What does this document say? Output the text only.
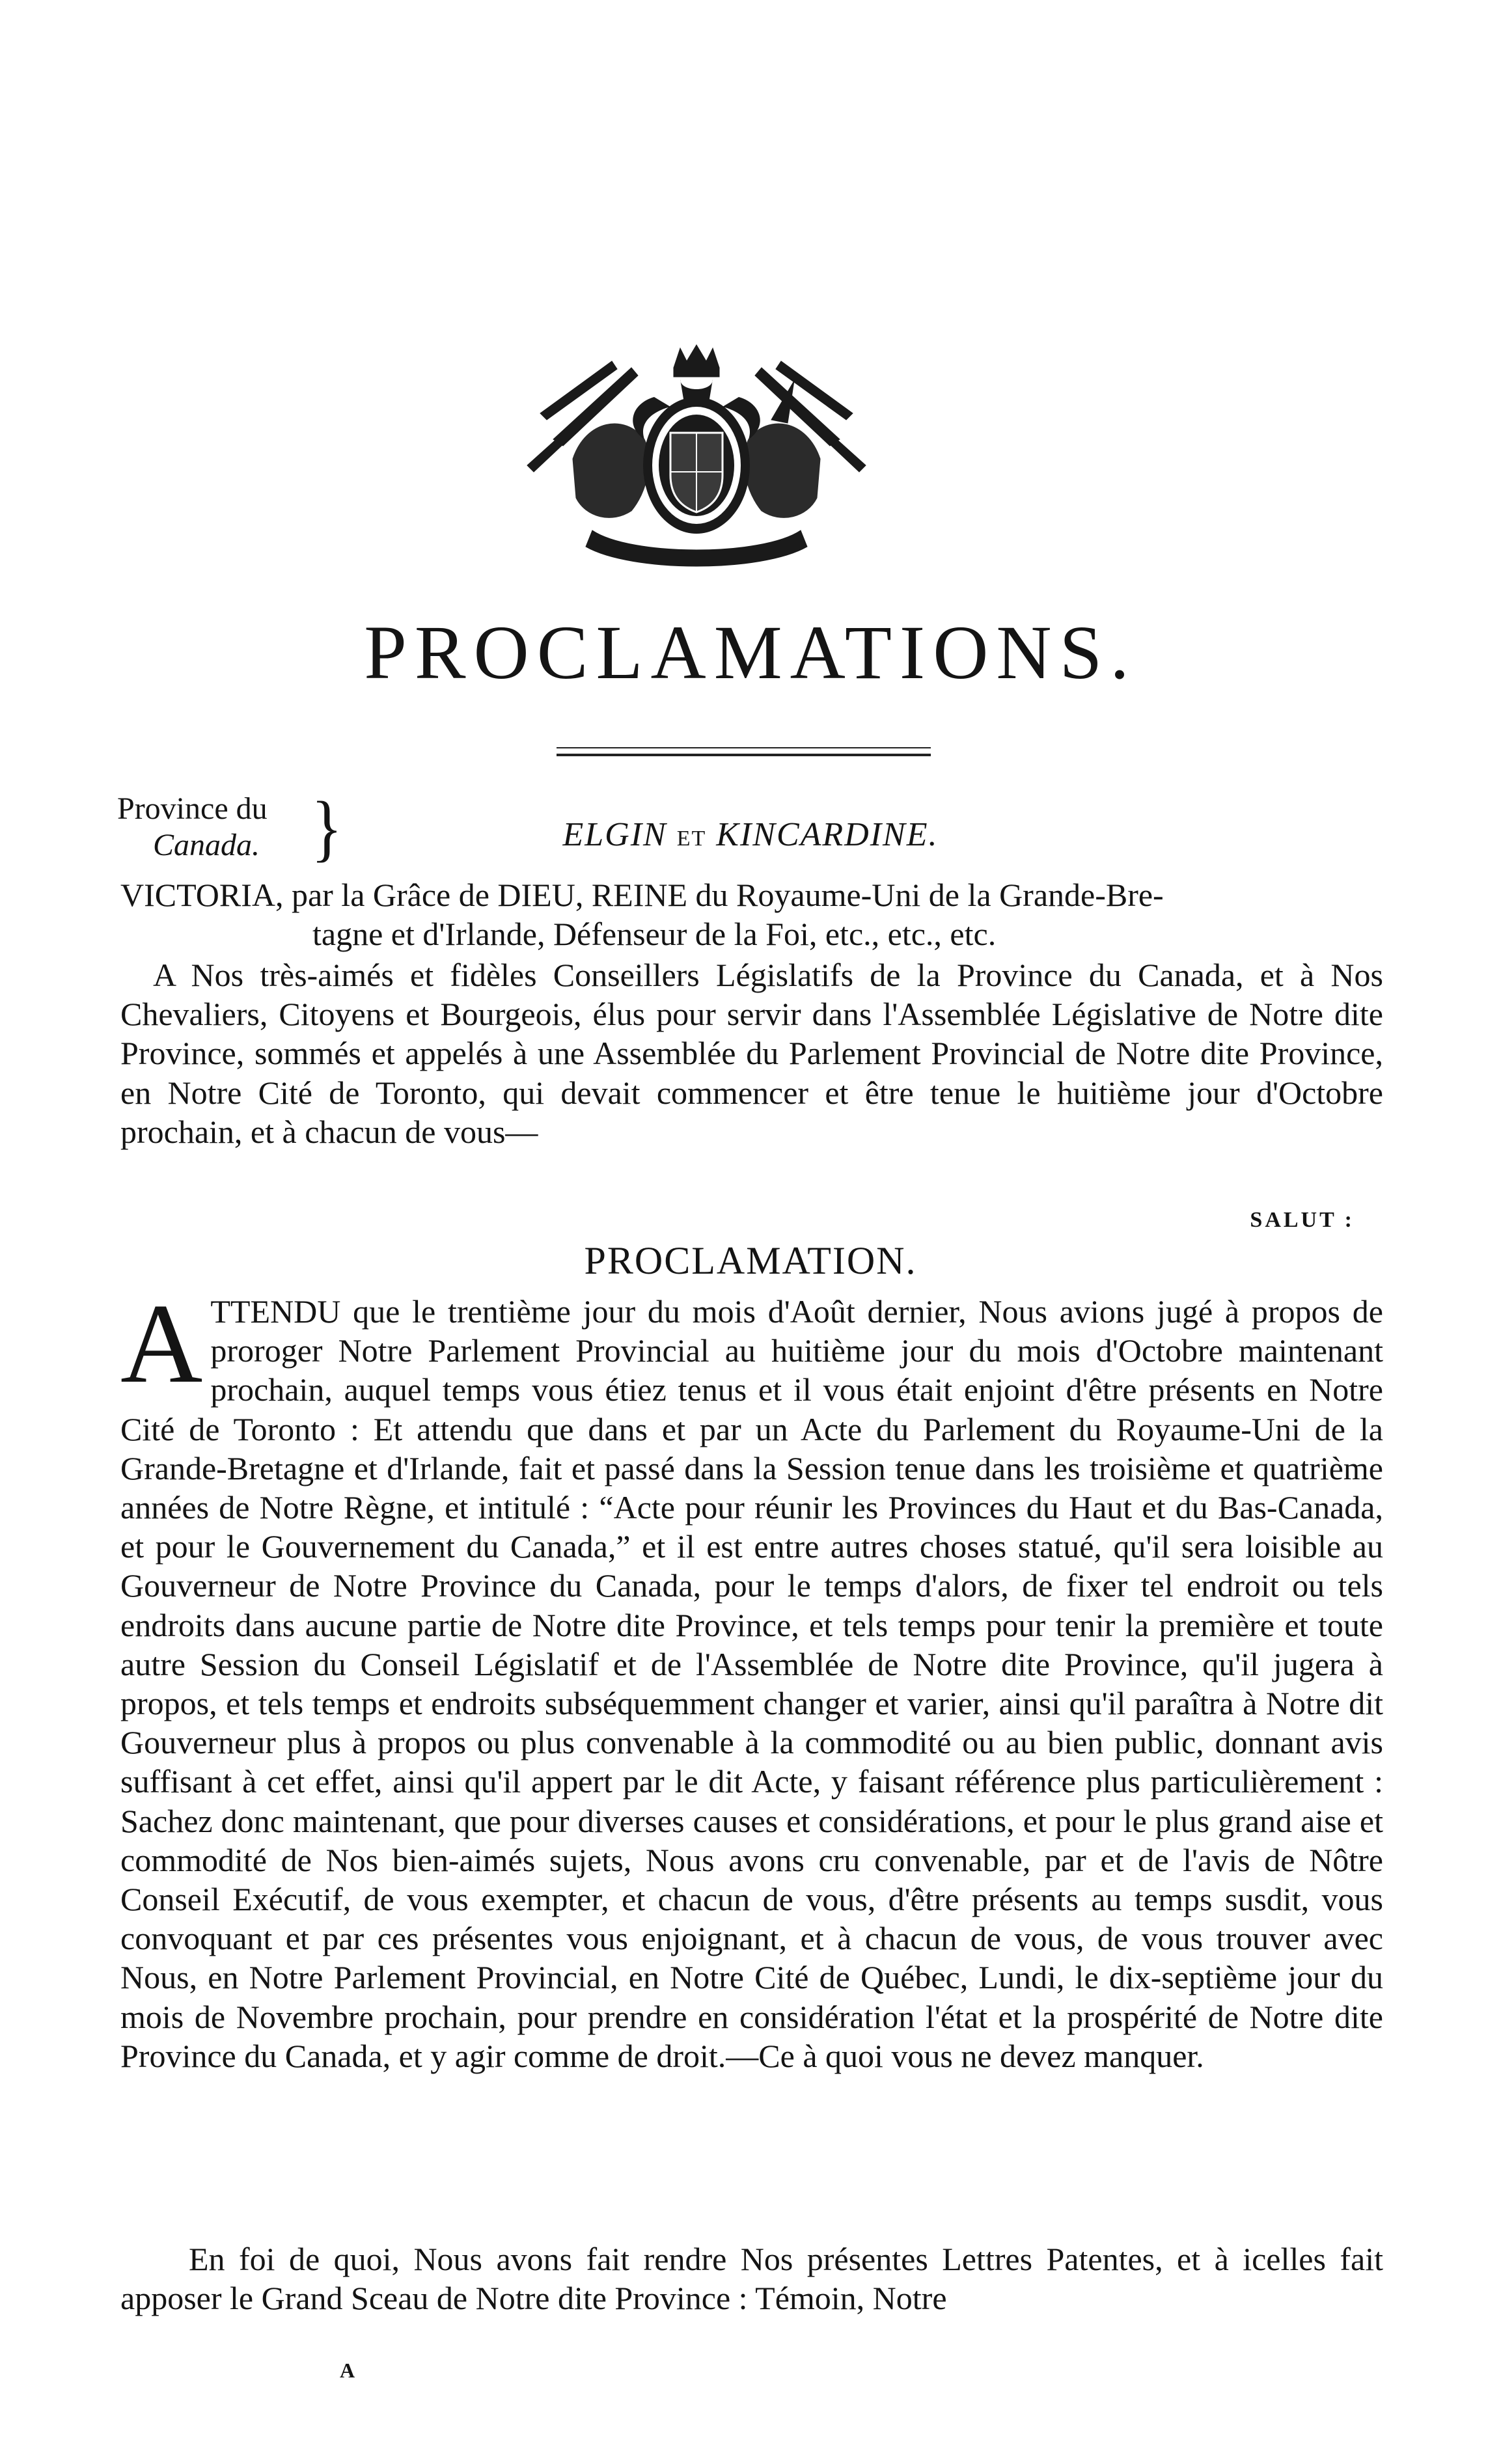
PROCLAMATIONS.
Province du
Canada. }	ELGIN ET KINCARDINE.
VICTORIA, par la Grâce de DIEU, REINE du Royaume-Uni de la Grande-Bre-
tagne et d'Irlande, Défenseur de la Foi, etc., etc., etc.

A Nos très-aimés et fidèles Conseillers Législatifs de la Province du Canada, et à Nos Chevaliers, Citoyens et Bourgeois, élus pour servir dans l'Assemblée Législative de Notre dite Province, sommés et appelés à une Assemblée du Parlement Provincial de Notre dite Province, en Notre Cité de Toronto, qui devait commencer et être tenue le huitième jour d'Octobre prochain, et à chacun de vous—

SALUT :
PROCLAMATION.

ATTENDU que le trentième jour du mois d'Août dernier, Nous avions jugé à propos de proroger Notre Parlement Provincial au huitième jour du mois d'Octobre maintenant prochain, auquel temps vous étiez tenus et il vous était enjoint d'être présents en Notre Cité de Toronto : Et attendu que dans et par un Acte du Parlement du Royaume-Uni de la Grande-Bretagne et d'Irlande, fait et passé dans la Session tenue dans les troisième et quatrième années de Notre Règne, et intitulé : “Acte pour réunir les Provinces du Haut et du Bas-Canada, et pour le Gouvernement du Canada,” et il est entre autres choses statué, qu'il sera loisible au Gouverneur de Notre Province du Canada, pour le temps d'alors, de fixer tel endroit ou tels endroits dans aucune partie de Notre dite Province, et tels temps pour tenir la première et toute autre Session du Conseil Législatif et de l'Assemblée de Notre dite Province, qu'il jugera à propos, et tels temps et endroits subséquemment changer et varier, ainsi qu'il paraîtra à Notre dit Gouverneur plus à propos ou plus convenable à la commodité ou au bien public, donnant avis suffisant à cet effet, ainsi qu'il appert par le dit Acte, y faisant référence plus particulièrement : Sachez donc maintenant, que pour diverses causes et considérations, et pour le plus grand aise et commodité de Nos bien-aimés sujets, Nous avons cru convenable, par et de l'avis de Nôtre Conseil Exécutif, de vous exempter, et chacun de vous, d'être présents au temps susdit, vous convoquant et par ces présentes vous enjoignant, et à chacun de vous, de vous trouver avec Nous, en Notre Parlement Provincial, en Notre Cité de Québec, Lundi, le dix-septième jour du mois de Novembre prochain, pour prendre en considération l'état et la prospérité de Notre dite Province du Canada, et y agir comme de droit.—Ce à quoi vous ne devez manquer.

En foi de quoi, Nous avons fait rendre Nos présentes Lettres Patentes, et à icelles fait apposer le Grand Sceau de Notre dite Province : Témoin, Notre

A
